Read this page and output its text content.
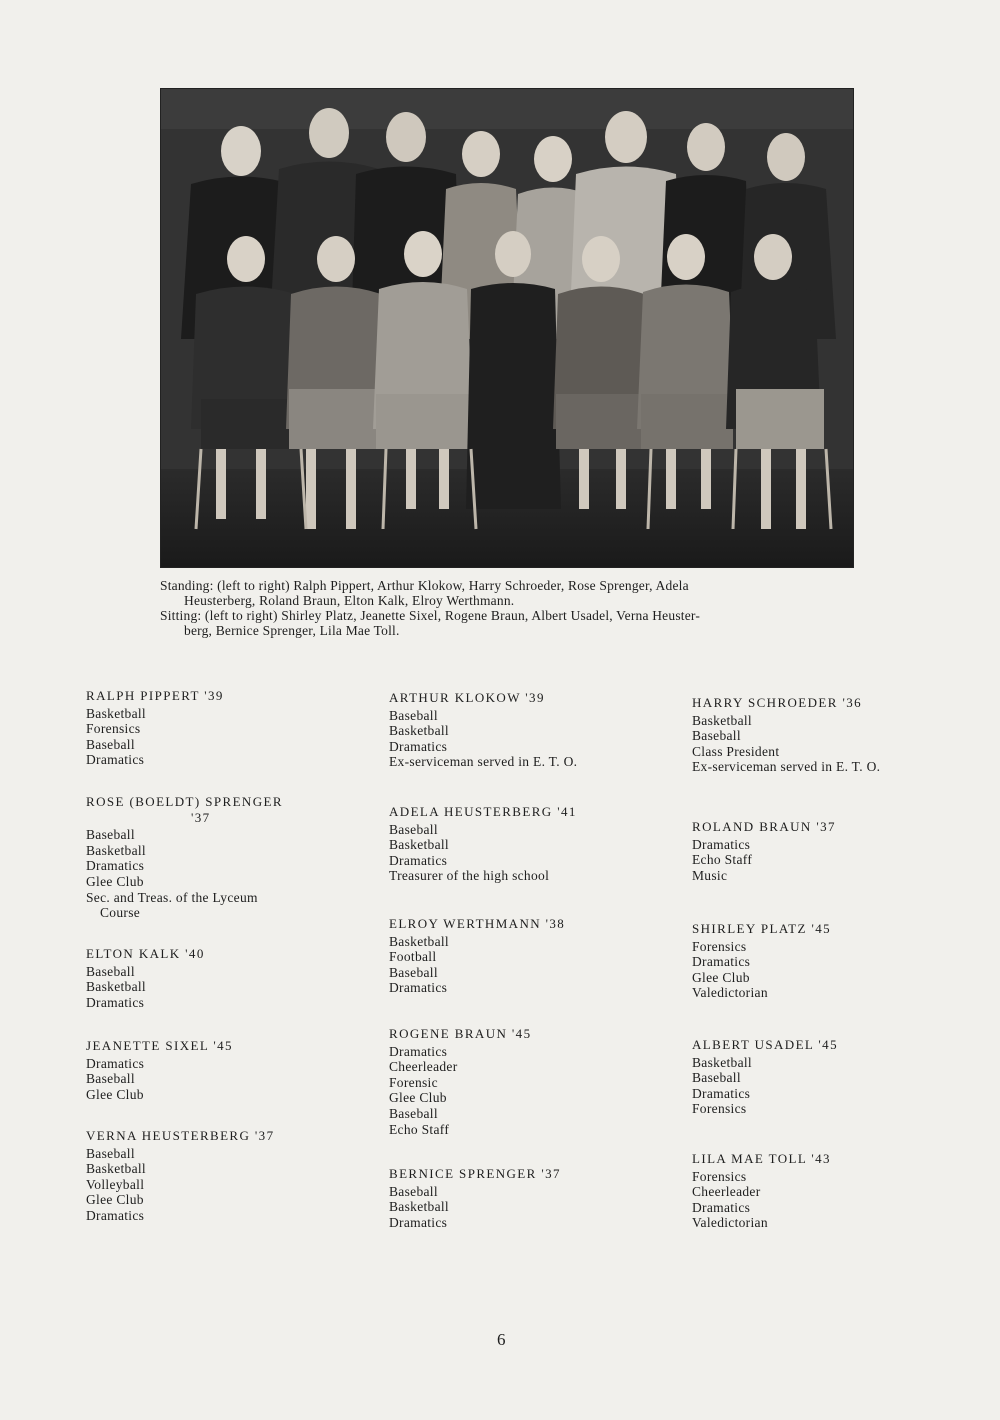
Standing: (left to right) Ralph Pippert, Arthur Klokow, Harry Schroeder, Rose Sprenger, Adela
Heusterberg, Roland Braun, Elton Kalk, Elroy Werthmann.
Sitting: (left to right) Shirley Platz, Jeanette Sixel, Rogene Braun, Albert Usadel, Verna Heuster-
berg, Bernice Sprenger, Lila Mae Toll.
RALPH PIPPERT '39
Basketball
Forensics
Baseball
Dramatics
ROSE (BOELDT) SPRENGER
'37
Baseball
Basketball
Dramatics
Glee Club
Sec. and Treas. of the Lyceum
Course
ELTON KALK '40
Baseball
Basketball
Dramatics
JEANETTE SIXEL '45
Dramatics
Baseball
Glee Club
VERNA HEUSTERBERG '37
Baseball
Basketball
Volleyball
Glee Club
Dramatics
ARTHUR KLOKOW '39
Baseball
Basketball
Dramatics
Ex-serviceman served in E. T. O.
ADELA HEUSTERBERG '41
Baseball
Basketball
Dramatics
Treasurer of the high school
ELROY WERTHMANN '38
Basketball
Football
Baseball
Dramatics
ROGENE BRAUN '45
Dramatics
Cheerleader
Forensic
Glee Club
Baseball
Echo Staff
BERNICE SPRENGER '37
Baseball
Basketball
Dramatics
HARRY SCHROEDER '36
Basketball
Baseball
Class President
Ex-serviceman served in E. T. O.
ROLAND BRAUN '37
Dramatics
Echo Staff
Music
SHIRLEY PLATZ '45
Forensics
Dramatics
Glee Club
Valedictorian
ALBERT USADEL '45
Basketball
Baseball
Dramatics
Forensics
LILA MAE TOLL '43
Forensics
Cheerleader
Dramatics
Valedictorian
6
